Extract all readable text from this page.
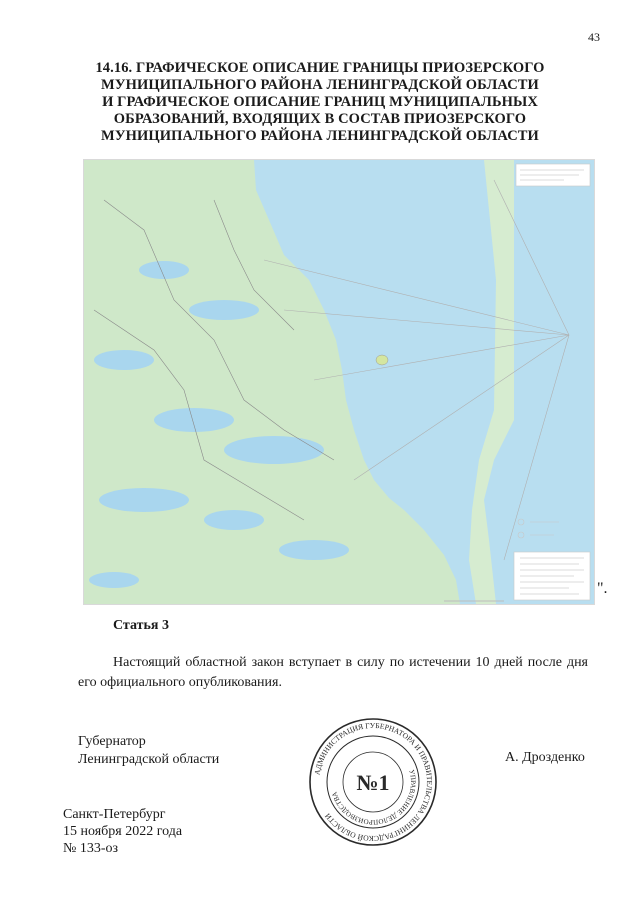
43
14.16. ГРАФИЧЕСКОЕ ОПИСАНИЕ ГРАНИЦЫ ПРИОЗЕРСКОГО
МУНИЦИПАЛЬНОГО РАЙОНА ЛЕНИНГРАДСКОЙ ОБЛАСТИ
И ГРАФИЧЕСКОЕ ОПИСАНИЕ ГРАНИЦ МУНИЦИПАЛЬНЫХ
ОБРАЗОВАНИЙ, ВХОДЯЩИХ В СОСТАВ ПРИОЗЕРСКОГО
МУНИЦИПАЛЬНОГО РАЙОНА ЛЕНИНГРАДСКОЙ ОБЛАСТИ
".
Статья 3
Настоящий областной закон вступает в силу по истечении 10 дней после дня его официального опубликования.
Губернатор
Ленинградской области	А. Дрозденко
Санкт-Петербург
15 ноября 2022 года
№ 133-оз
АДМИНИСТРАЦИЯ ГУБЕРНАТОРА И ПРАВИТЕЛЬСТВА ЛЕНИНГРАДСКОЙ ОБЛАСТИ
УПРАВЛЕНИЕ ДЕЛОПРОИЗВОДСТВА №1
